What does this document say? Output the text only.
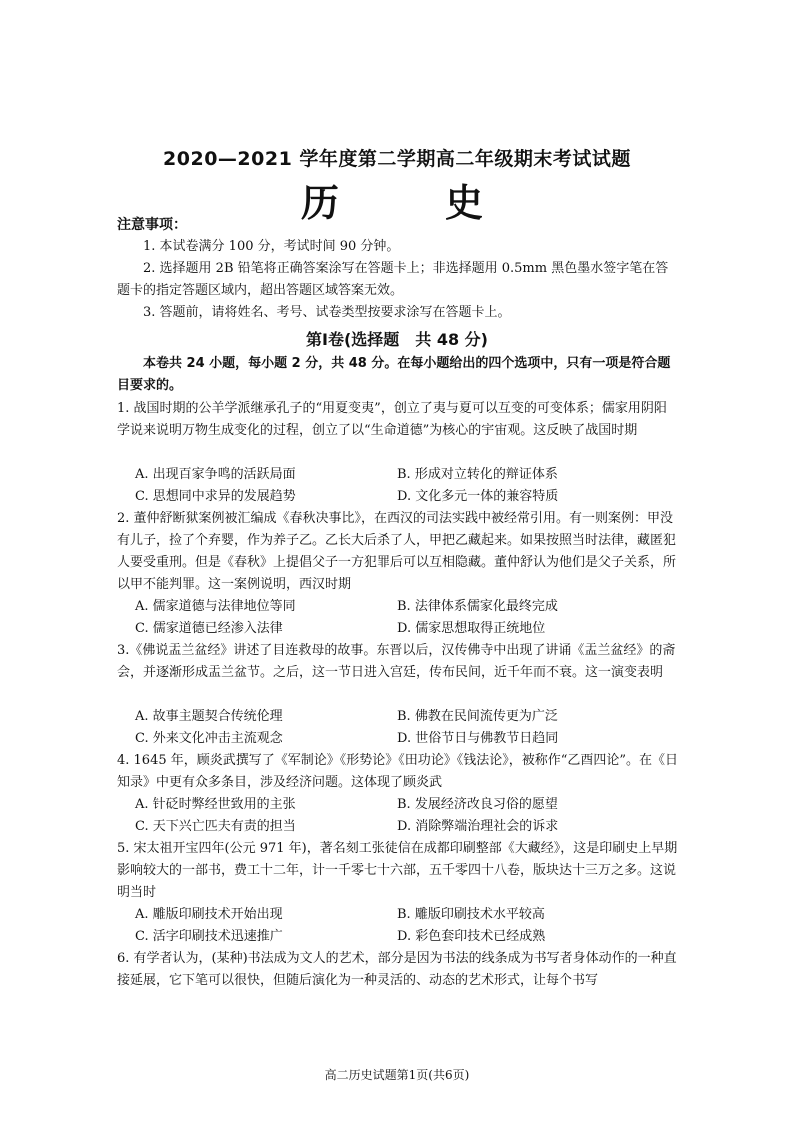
2020—2021 学年度第二学期高二年级期末考试试题
历　　史
注意事项：
1. 本试卷满分 100 分，考试时间 90 分钟。
2. 选择题用 2B 铅笔将正确答案涂写在答题卡上；非选择题用 0.5mm 黑色墨水签字笔在答题卡的指定答题区域内，超出答题区域答案无效。
3. 答题前，请将姓名、考号、试卷类型按要求涂写在答题卡上。
第Ⅰ卷(选择题　共 48 分)
本卷共 24 小题，每小题 2 分，共 48 分。在每小题给出的四个选项中，只有一项是符合题目要求的。
1. 战国时期的公羊学派继承孔子的“用夏变夷”，创立了夷与夏可以互变的可变体系；儒家用阴阳学说来说明万物生成变化的过程，创立了以“生命道德”为核心的宇宙观。这反映了战国时期
A. 出现百家争鸣的活跃局面	B. 形成对立转化的辩证体系
C. 思想同中求异的发展趋势	D. 文化多元一体的兼容特质
2. 董仲舒断狱案例被汇编成《春秋决事比》，在西汉的司法实践中被经常引用。有一则案例：甲没有儿子，捡了个弃婴，作为养子乙。乙长大后杀了人，甲把乙藏起来。如果按照当时法律，藏匿犯人要受重刑。但是《春秋》上提倡父子一方犯罪后可以互相隐藏。董仲舒认为他们是父子关系，所以甲不能判罪。这一案例说明，西汉时期
A. 儒家道德与法律地位等同	B. 法律体系儒家化最终完成
C. 儒家道德已经渗入法律	D. 儒家思想取得正统地位
3.《佛说盂兰盆经》讲述了目连救母的故事。东晋以后，汉传佛寺中出现了讲诵《盂兰盆经》的斋会，并逐渐形成盂兰盆节。之后，这一节日进入宫廷，传布民间，近千年而不衰。这一演变表明
A. 故事主题契合传统伦理	B. 佛教在民间流传更为广泛
C. 外来文化冲击主流观念	D. 世俗节日与佛教节日趋同
4. 1645 年，顾炎武撰写了《军制论》《形势论》《田功论》《钱法论》，被称作“乙酉四论”。在《日知录》中更有众多条目，涉及经济问题。这体现了顾炎武
A. 针砭时弊经世致用的主张	B. 发展经济改良习俗的愿望
C. 天下兴亡匹夫有责的担当	D. 消除弊端治理社会的诉求
5. 宋太祖开宝四年(公元 971 年)，著名刻工张徒信在成都印刷整部《大藏经》，这是印刷史上早期影响较大的一部书，费工十二年，计一千零七十六部，五千零四十八卷，版块达十三万之多。这说明当时
A. 雕版印刷技术开始出现	B. 雕版印刷技术水平较高
C. 活字印刷技术迅速推广	D. 彩色套印技术已经成熟
6. 有学者认为，(某种)书法成为文人的艺术，部分是因为书法的线条成为书写者身体动作的一种直接延展，它下笔可以很快，但随后演化为一种灵活的、动态的艺术形式，让每个书写
高二历史试题第1页(共6页)
